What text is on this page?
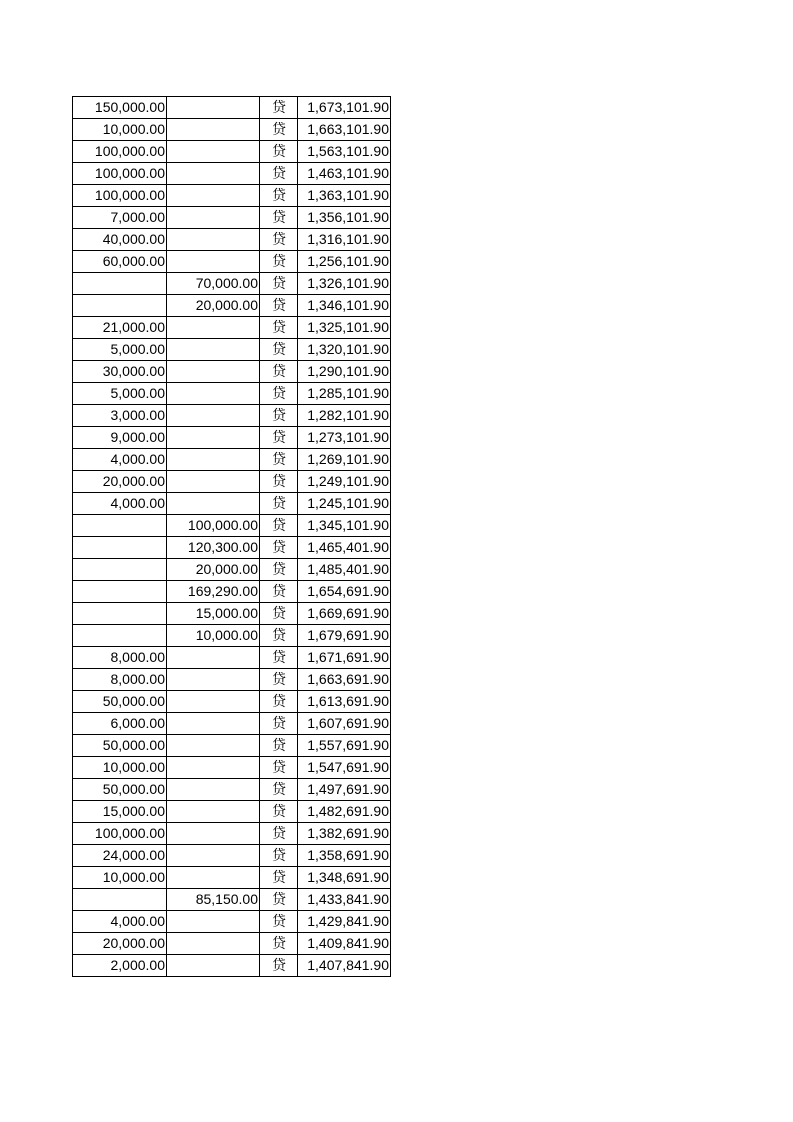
150,000.00		贷	1,673,101.90
10,000.00		贷	1,663,101.90
100,000.00		贷	1,563,101.90
100,000.00		贷	1,463,101.90
100,000.00		贷	1,363,101.90
7,000.00		贷	1,356,101.90
40,000.00		贷	1,316,101.90
60,000.00		贷	1,256,101.90
	70,000.00	贷	1,326,101.90
	20,000.00	贷	1,346,101.90
21,000.00		贷	1,325,101.90
5,000.00		贷	1,320,101.90
30,000.00		贷	1,290,101.90
5,000.00		贷	1,285,101.90
3,000.00		贷	1,282,101.90
9,000.00		贷	1,273,101.90
4,000.00		贷	1,269,101.90
20,000.00		贷	1,249,101.90
4,000.00		贷	1,245,101.90
	100,000.00	贷	1,345,101.90
	120,300.00	贷	1,465,401.90
	20,000.00	贷	1,485,401.90
	169,290.00	贷	1,654,691.90
	15,000.00	贷	1,669,691.90
	10,000.00	贷	1,679,691.90
8,000.00		贷	1,671,691.90
8,000.00		贷	1,663,691.90
50,000.00		贷	1,613,691.90
6,000.00		贷	1,607,691.90
50,000.00		贷	1,557,691.90
10,000.00		贷	1,547,691.90
50,000.00		贷	1,497,691.90
15,000.00		贷	1,482,691.90
100,000.00		贷	1,382,691.90
24,000.00		贷	1,358,691.90
10,000.00		贷	1,348,691.90
	85,150.00	贷	1,433,841.90
4,000.00		贷	1,429,841.90
20,000.00		贷	1,409,841.90
2,000.00		贷	1,407,841.90
